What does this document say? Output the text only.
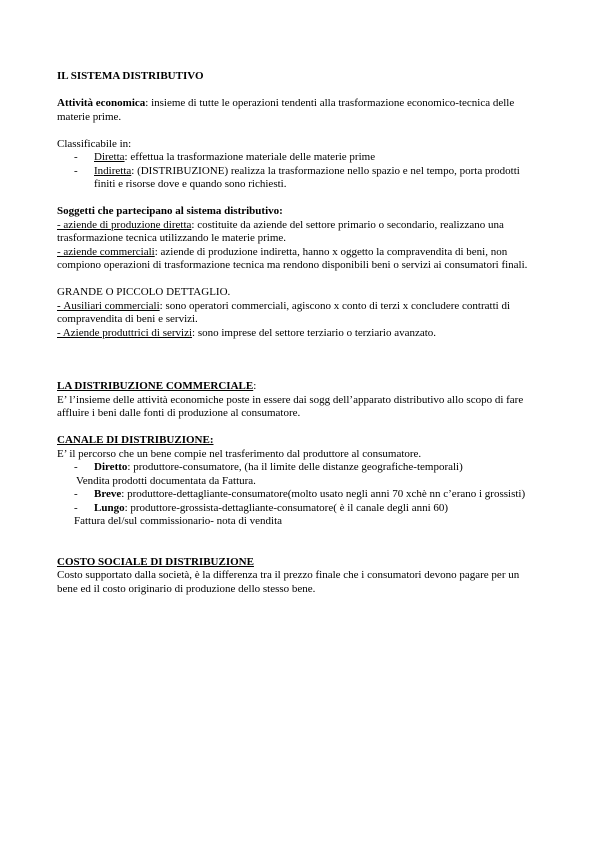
IL SISTEMA DISTRIBUTIVO

Attività economica: insieme di tutte le operazioni tendenti alla trasformazione economico-tecnica delle materie prime.

Classificabile in:

- Diretta: effettua la trasformazione materiale delle materie prime
- Indiretta: (DISTRIBUZIONE) realizza la trasformazione nello spazio e nel tempo, porta prodotti finiti e risorse dove e quando sono richiesti.

Soggetti che partecipano al sistema distributivo:

- aziende di produzione diretta: costituite da aziende del settore primario o secondario, realizzano una trasformazione tecnica utilizzando le materie prime.

- aziende commerciali: aziende di produzione indiretta, hanno x oggetto la compravendita di beni, non compiono operazioni di trasformazione tecnica ma rendono disponibili beni o servizi ai consumatori finali.

GRANDE O PICCOLO DETTAGLIO.

- Ausiliari commerciali: sono operatori commerciali, agiscono x conto di terzi x concludere contratti di compravendita di beni e servizi.

- Aziende produttrici di servizi: sono imprese del settore terziario o terziario avanzato.

LA DISTRIBUZIONE COMMERCIALE:

E’ l’insieme delle attività economiche poste in essere dai sogg dell’apparato distributivo allo scopo di fare affluire i beni dalle fonti di produzione al consumatore.

CANALE DI DISTRIBUZIONE:

E’ il percorso che un bene compie nel trasferimento dal produttore al consumatore.

- Diretto: produttore-consumatore, (ha il limite delle distanze geografiche-temporali)

Vendita prodotti documentata da Fattura.

- Breve: produttore-dettagliante-consumatore(molto usato negli anni 70 xchè nn c’erano i grossisti)
- Lungo: produttore-grossista-dettagliante-consumatore( è il canale degli anni 60)

Fattura del/sul commissionario- nota di vendita

COSTO SOCIALE DI DISTRIBUZIONE

Costo supportato dalla società, è la differenza tra il prezzo finale che i consumatori devono pagare per un bene ed il costo originario di produzione dello stesso bene.
